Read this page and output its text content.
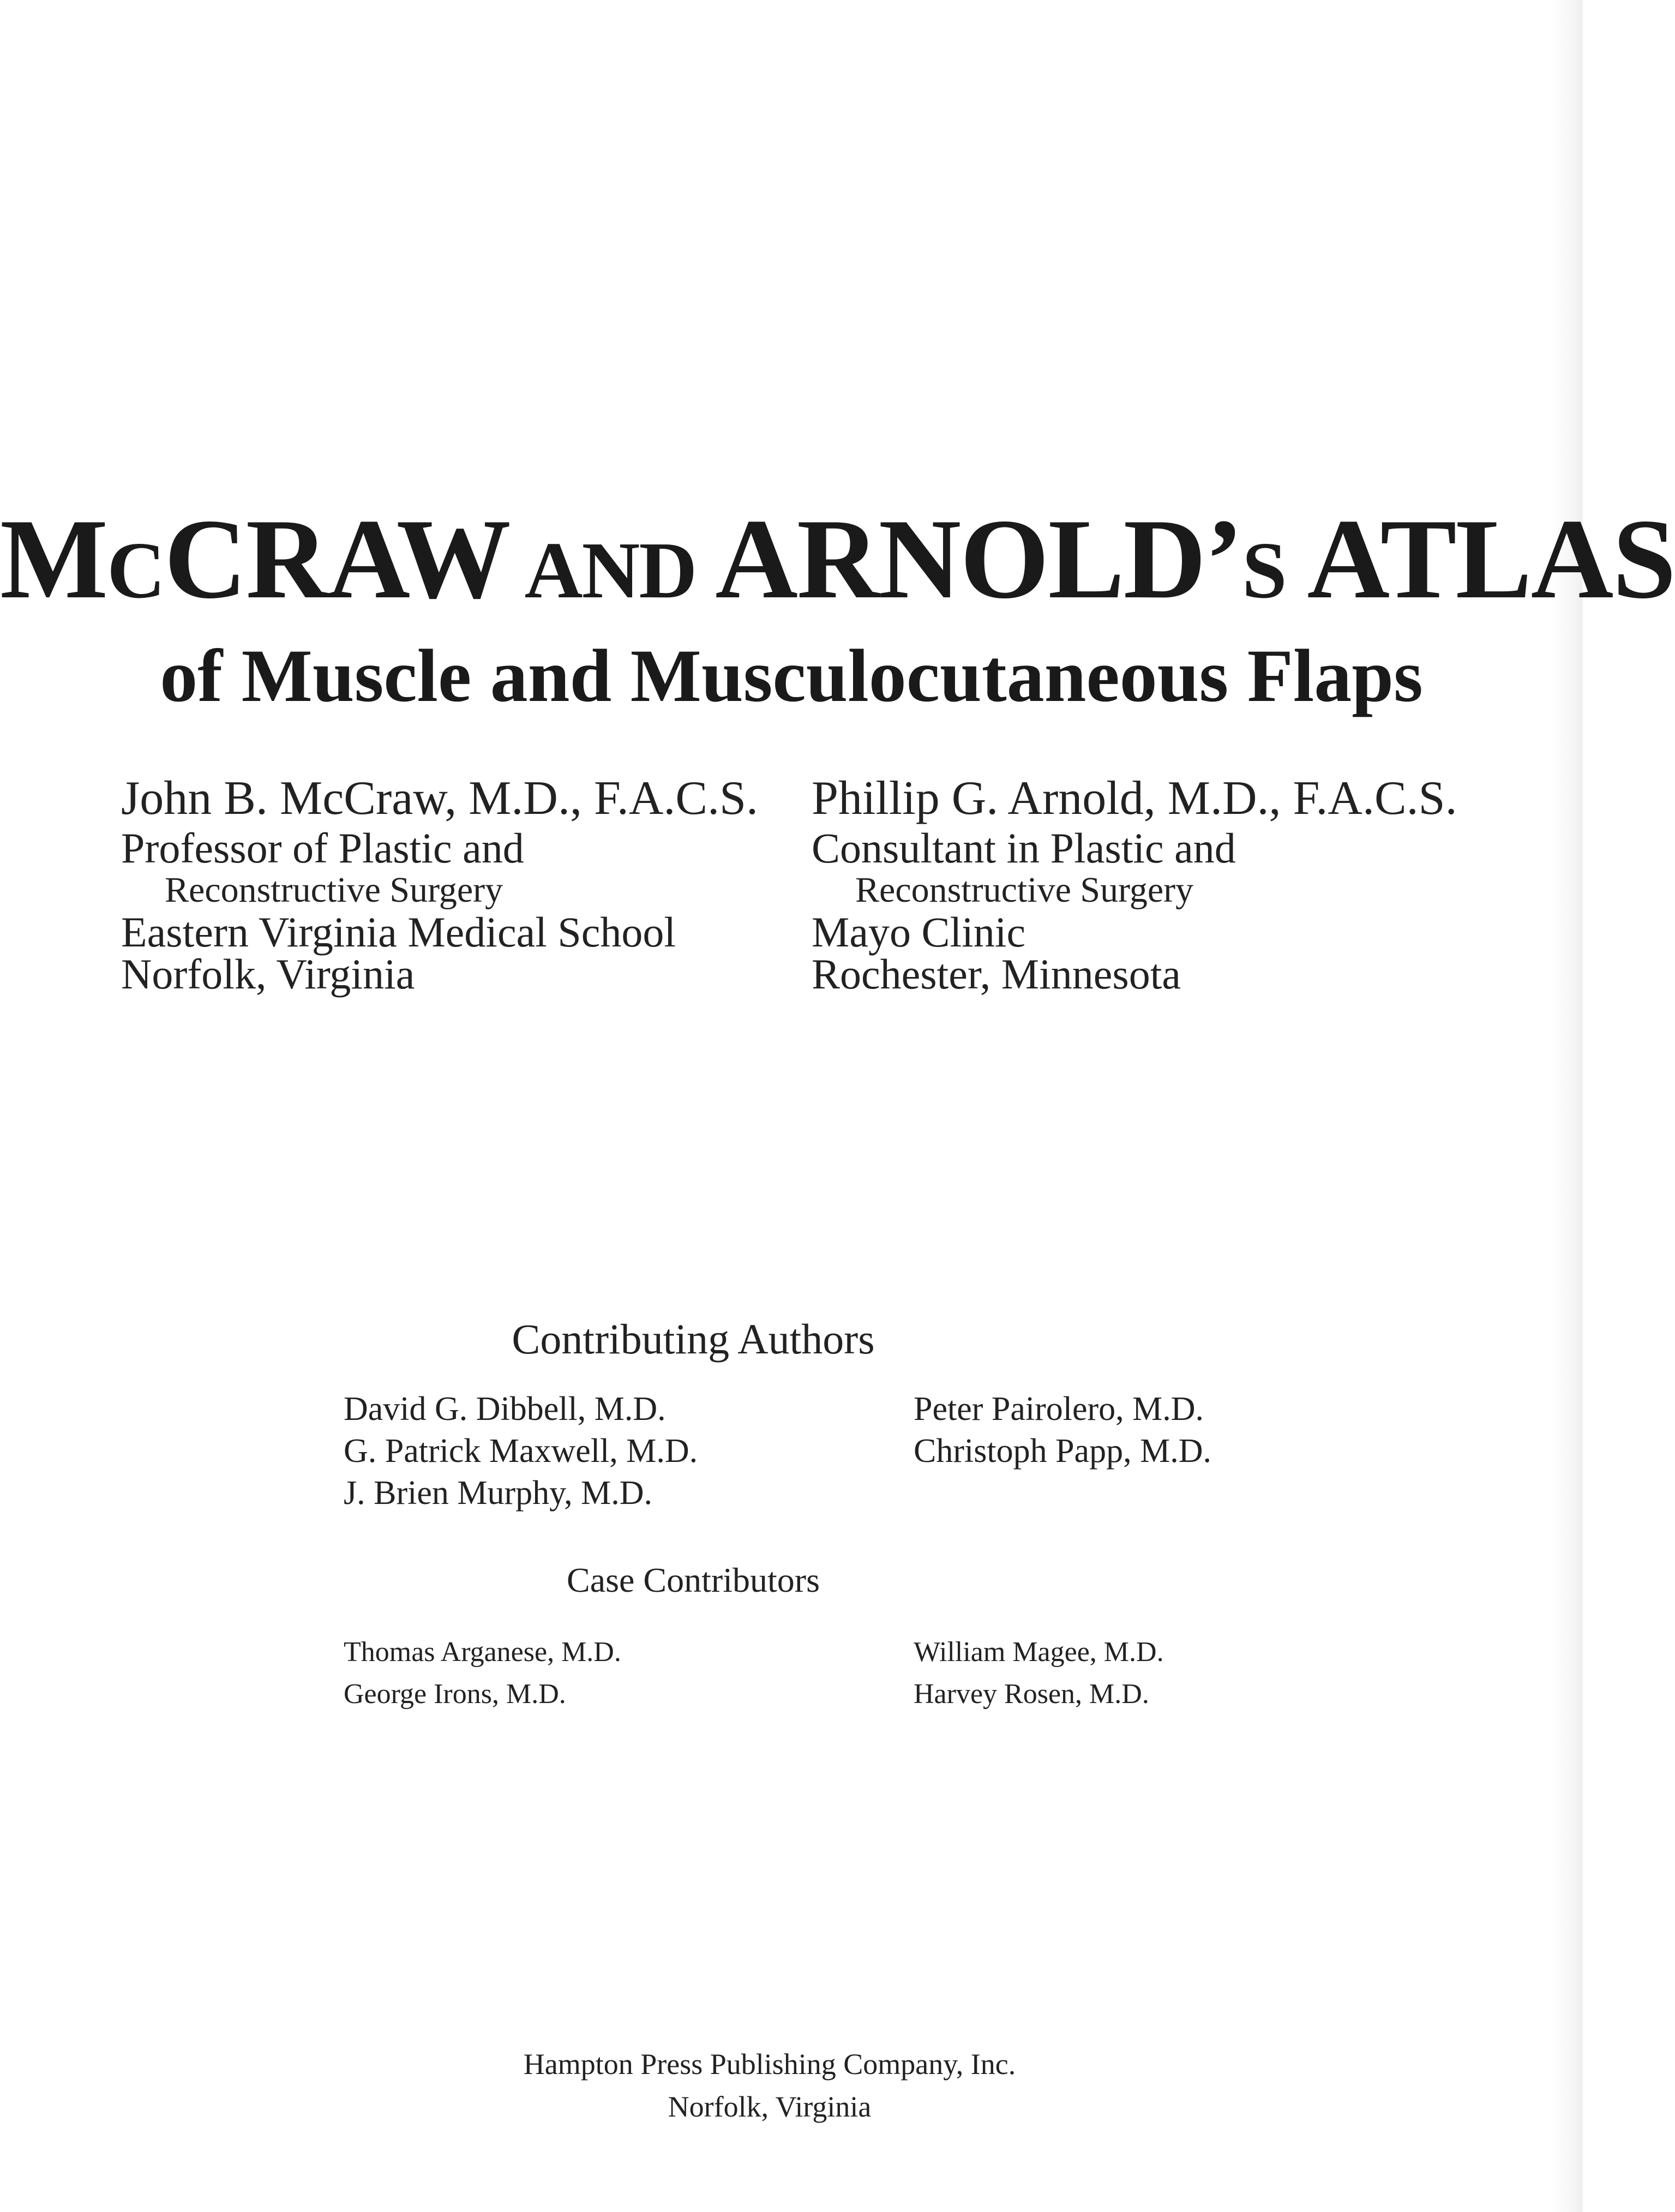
MCCRAW AND ARNOLD’S ATLAS
of Muscle and Musculocutaneous Flaps
John B. McCraw, M.D., F.A.C.S.
Professor of Plastic and
Reconstructive Surgery
Eastern Virginia Medical School
Norfolk, Virginia
Phillip G. Arnold, M.D., F.A.C.S.
Consultant in Plastic and
Reconstructive Surgery
Mayo Clinic
Rochester, Minnesota
Contributing Authors
David G. Dibbell, M.D.
G. Patrick Maxwell, M.D.
J. Brien Murphy, M.D.
Peter Pairolero, M.D.
Christoph Papp, M.D.
Case Contributors
Thomas Arganese, M.D.
George Irons, M.D.
William Magee, M.D.
Harvey Rosen, M.D.
Hampton Press Publishing Company, Inc.
Norfolk, Virginia
